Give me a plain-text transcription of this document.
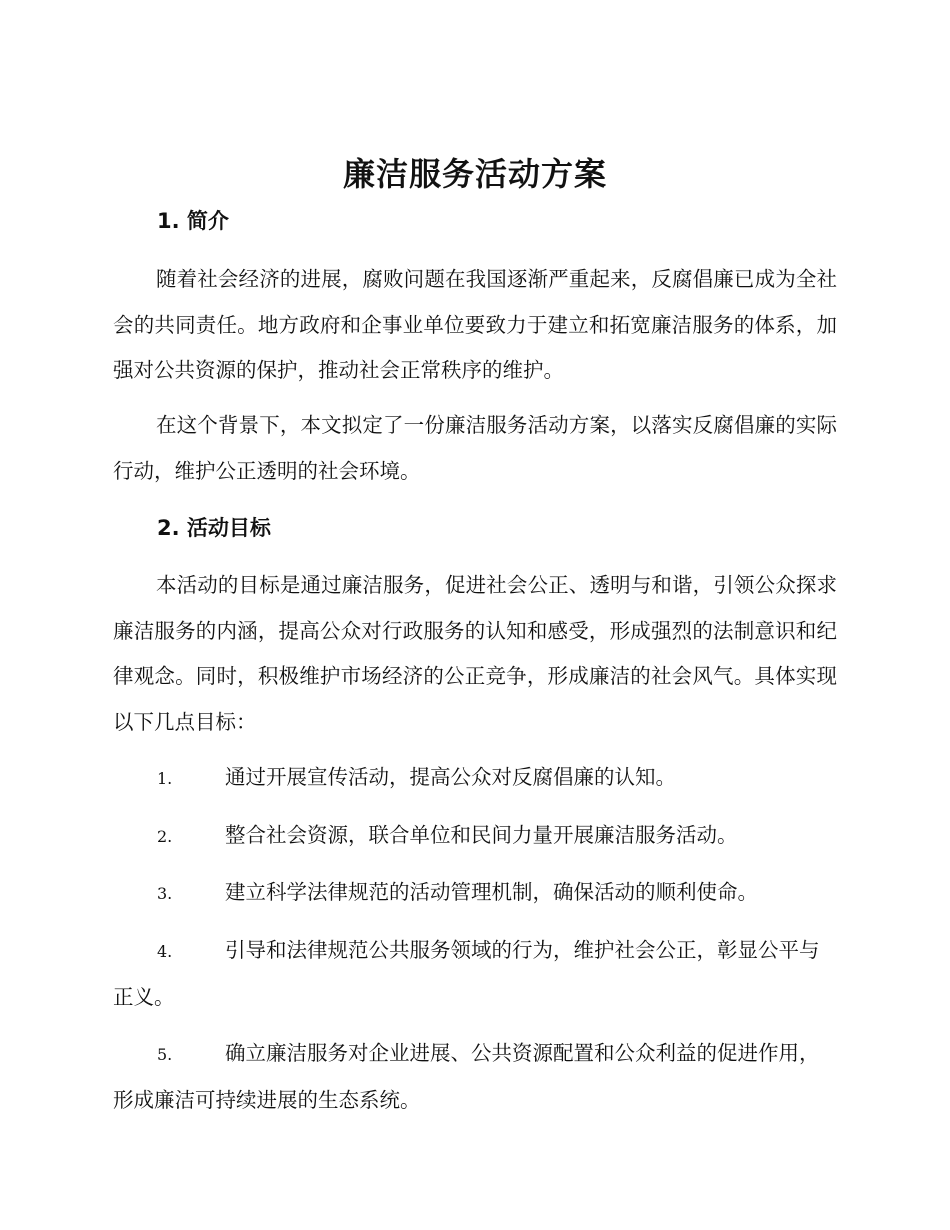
廉洁服务活动方案
1. 简介

随着社会经济的进展，腐败问题在我国逐渐严重起来，反腐倡廉已成为全社会的共同责任。地方政府和企事业单位要致力于建立和拓宽廉洁服务的体系，加强对公共资源的保护，推动社会正常秩序的维护。

在这个背景下，本文拟定了一份廉洁服务活动方案，以落实反腐倡廉的实际行动，维护公正透明的社会环境。

2. 活动目标

本活动的目标是通过廉洁服务，促进社会公正、透明与和谐，引领公众探求廉洁服务的内涵，提高公众对行政服务的认知和感受，形成强烈的法制意识和纪律观念。同时，积极维护市场经济的公正竞争，形成廉洁的社会风气。具体实现以下几点目标：

1.	通过开展宣传活动，提高公众对反腐倡廉的认知。

2.	整合社会资源，联合单位和民间力量开展廉洁服务活动。

3.	建立科学法律规范的活动管理机制，确保活动的顺利使命。

4.	引导和法律规范公共服务领域的行为，维护社会公正，彰显公平与正义。

5.	确立廉洁服务对企业进展、公共资源配置和公众利益的促进作用，形成廉洁可持续进展的生态系统。
